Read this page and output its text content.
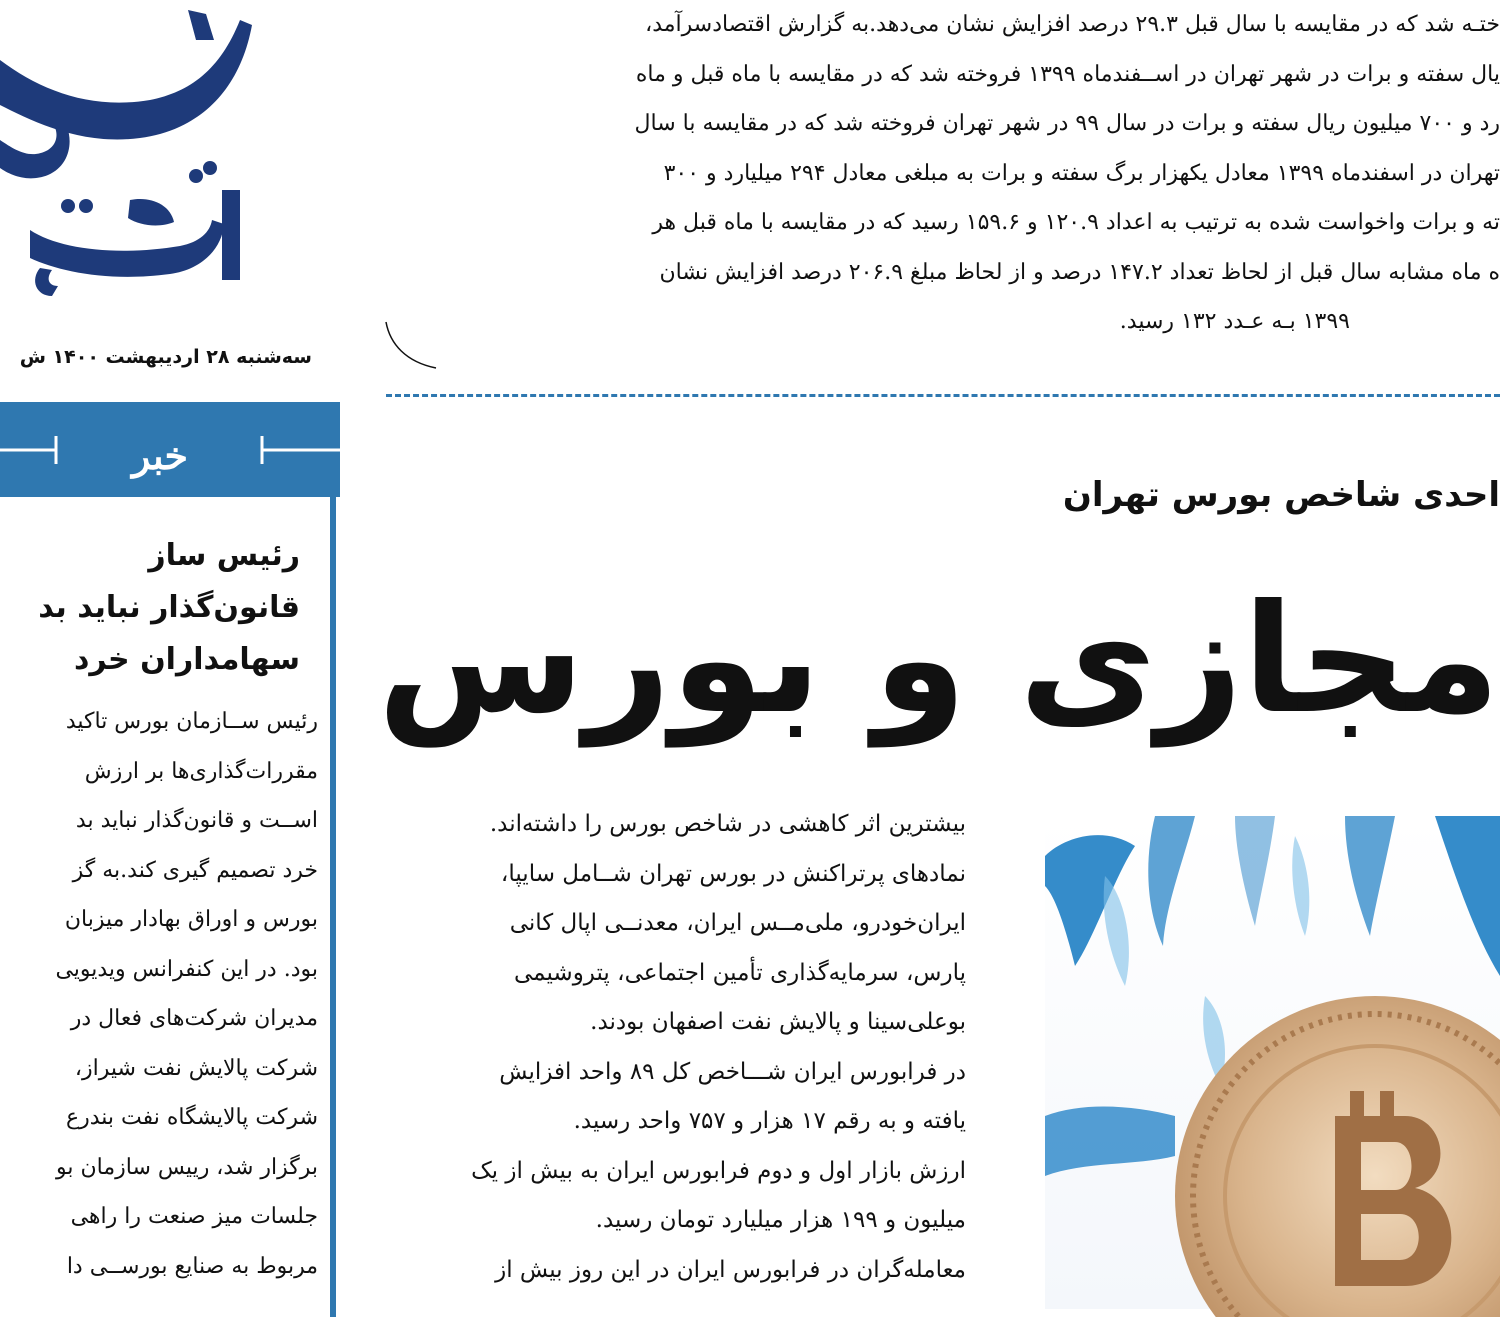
سه‌شنبه ۲۸ اردیبهشت ۱۴۰۰ ش
خبر
رئیس ساز
قانون‌گذار نباید بد
سهامداران خرد
رئیس ســازمان بورس تاکید
مقررات‌گذاری‌ها بر ارزش
اســت و قانون‌گذار نباید بد
خرد تصمیم گیری کند.به گز
بورس و اوراق بهادار میزبان
بود. در این کنفرانس ویدیویی
مدیران شرکت‌های فعال در
شرکت پالایش نفت شیراز،
شرکت پالایشگاه نفت بندرع
برگزار شد، رییس سازمان بو
جلسات میز صنعت را راهی
مربوط به صنایع بورســی دا
ختـه شد که در مقایسه با سال قبل ۲۹.۳ درصد افزایش نشان می‌دهد.به گزارش اقتصادسرآمد،
یال سفته و برات در شهر تهران در اســفندماه ۱۳۹۹ فروخته شد که در مقایسه با ماه قبل و ماه
رد و ۷۰۰ میلیون ریال سفته و برات در سال ۹۹ در شهر تهران فروخته شد که در مقایسه با سال
تهران در اسفندماه ۱۳۹۹ معادل یکهزار برگ سفته و برات به مبلغی معادل ۲۹۴ میلیارد و ۳۰۰
ته و برات واخواست شده به ترتیب به اعداد ۱۲۰.۹ و ۱۵۹.۶ رسید که در مقایسه با ماه قبل هر
ه ماه مشابه سال قبل از لحاظ تعداد ۱۴۷.۲ درصد و از لحاظ مبلغ ۲۰۶.۹ درصد افزایش نشان
۱۳۹۹ بـه عـدد ۱۳۲ رسید.
احدی شاخص بورس تهران
مجازی و بورس
بیشترین اثر کاهشی در شاخص بورس را داشته‌اند.
نمادهای پرتراکنش در بورس تهران شــامل سایپا،
ایران‌خودرو، ملی‌مــس ایران، معدنــی اپال کانی
پارس، سرمایه‌گذاری تأمین اجتماعی، پتروشیمی
بوعلی‌سینا و پالایش نفت اصفهان بودند.
در فرابورس ایران شـــاخص کل ۸۹ واحد افزایش
یافته و به رقم ۱۷ هزار و ۷۵۷ واحد رسید.
ارزش بازار اول و دوم فرابورس ایران به بیش از یک
میلیون و ۱۹۹ هزار میلیارد تومان رسید.
معامله‌گران در فرابورس ایران در این روز بیش از
